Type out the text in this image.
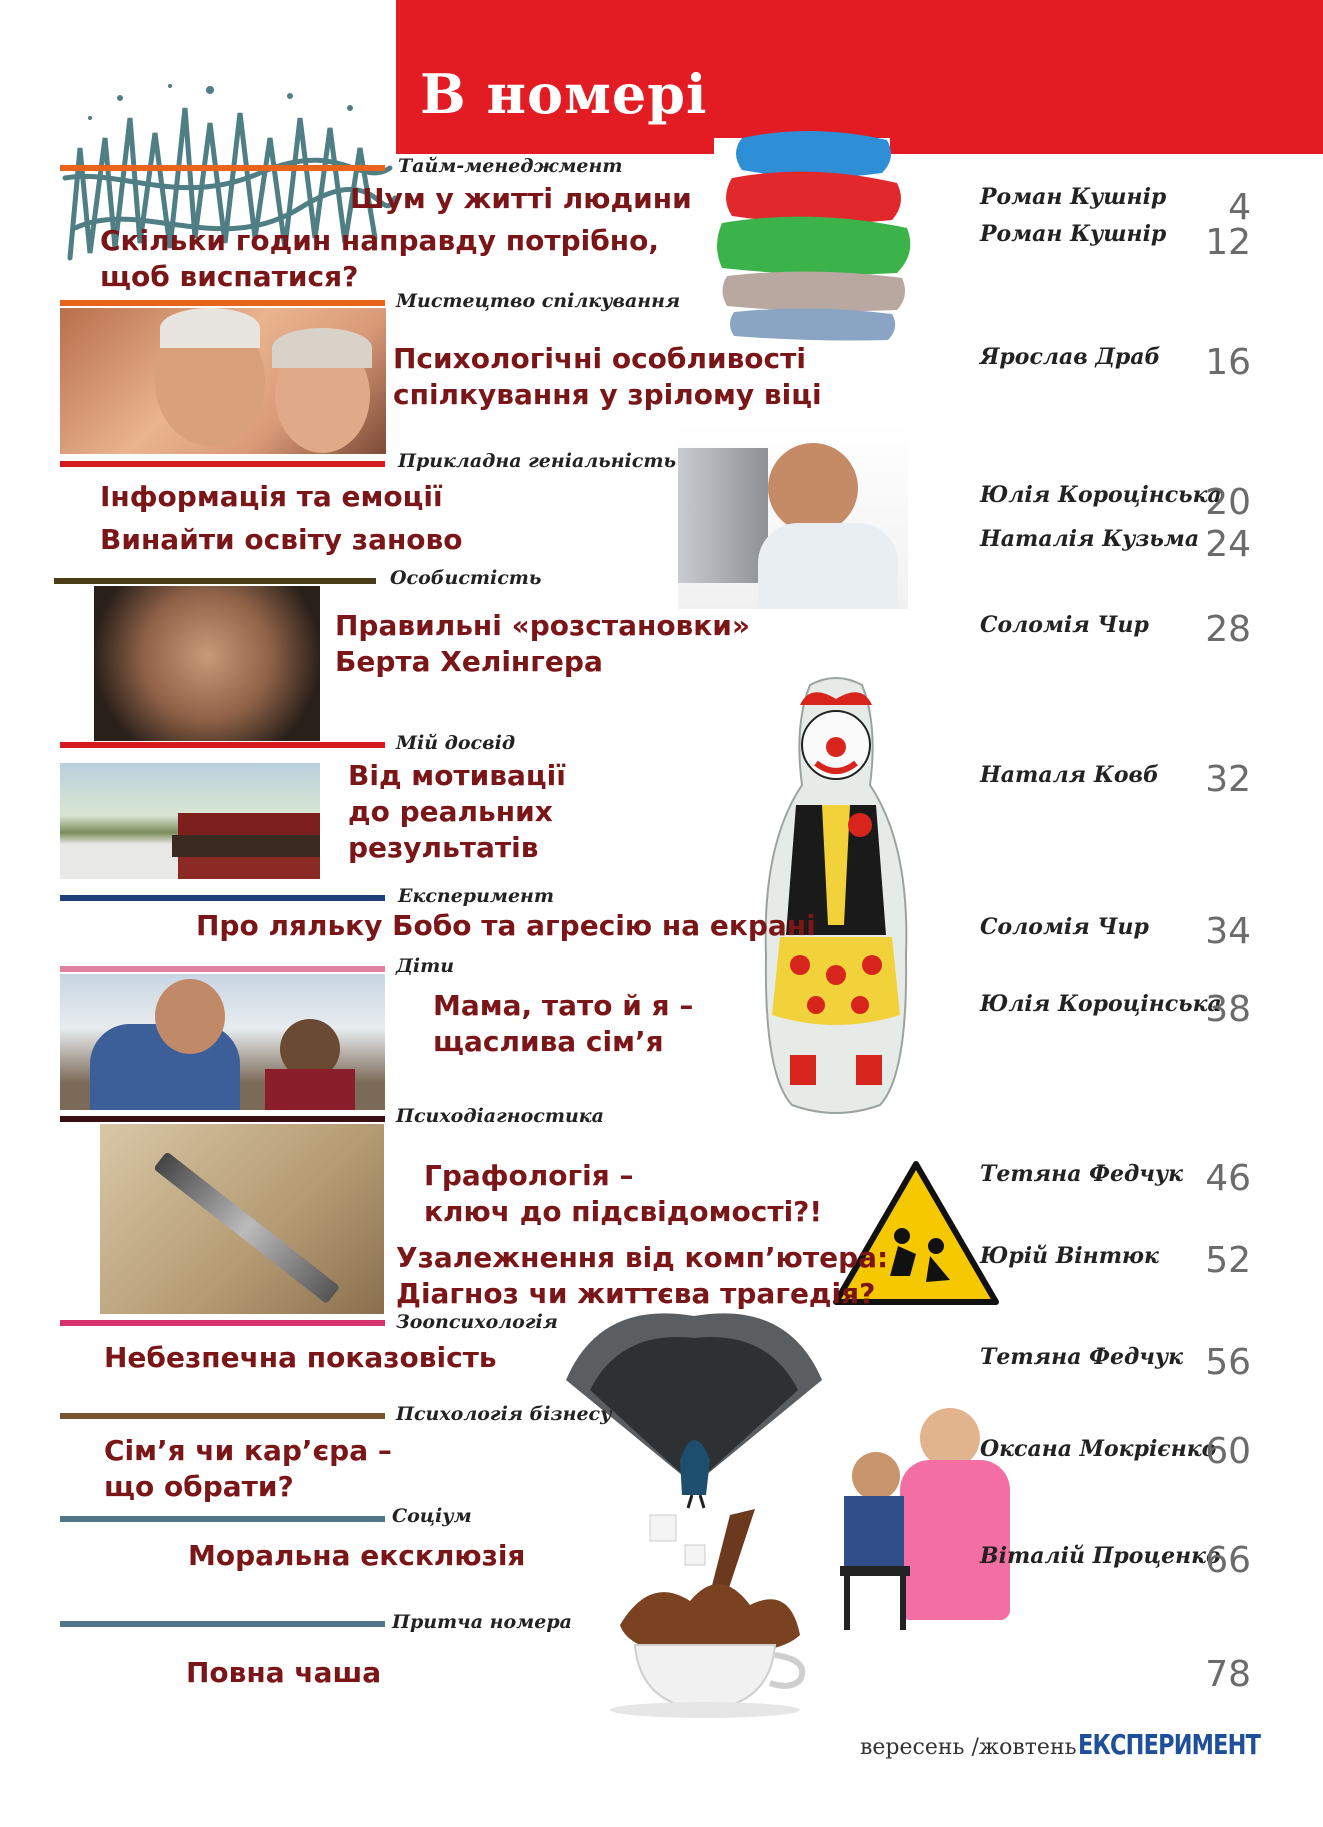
В номері
Тайм-менеджмент
Мистецтво спілкування
Прикладна геніальність
Особистість
Мій досвід
Експеримент
Діти
Психодіагностика
Зоопсихологія
Психологія бізнесу
Соціум
Притча номера
Шум у житті людини
Скільки годин направду потрібно,
щоб виспатися?
Психологічні особливості
спілкування у зрілому віці
Інформація та емоції
Винайти освіту заново
Правильні «розстановки»
Берта Хелінгера
Від мотивації
до реальних
результатів
Про ляльку Бобо та агресію на екрані
Мама, тато й я –
щаслива сім’я
Графологія –
ключ до підсвідомості?!
Узалежнення від комп’ютера:
Діагноз чи життєва трагедія?
Небезпечна показовість
Сім’я чи кар’єра –
що обрати?
Моральна ексклюзія
Повна чаша
Роман Кушнір
Роман Кушнір
Ярослав Драб
Юлія Короцінська
Наталія Кузьма
Соломія Чир
Наталя Ковб
Соломія Чир
Юлія Короцінська
Тетяна Федчук
Юрій Вінтюк
Тетяна Федчук
Оксана Мокрієнко
Віталій Проценко
4
12
16
20
24
28
32
34
38
46
52
56
60
66
78
вересень /жовтень ЕКСПЕРИМЕНТ
